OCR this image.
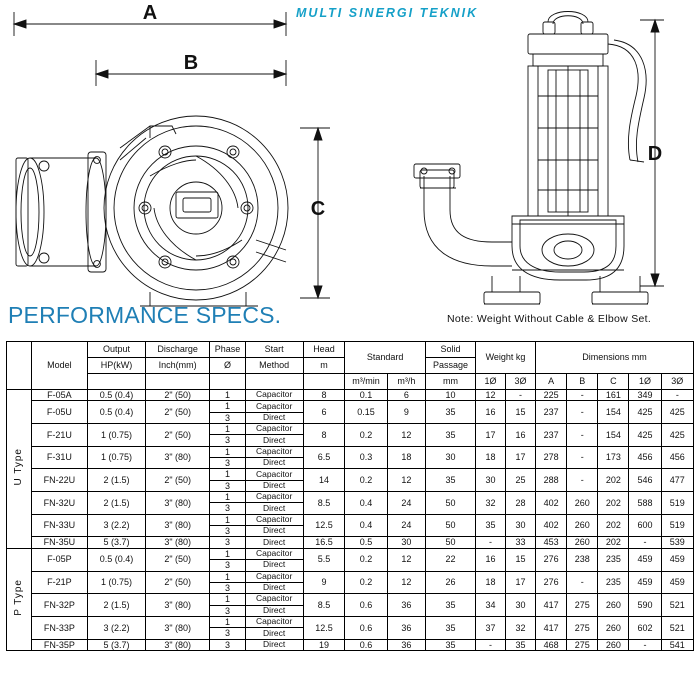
MULTI SINERGI TEKNIK
A
B
C
D
PERFORMANCE SPECS.	Note: Weight Without Cable & Elbow Set.
	Model	Output	Discharge	Phase	Start	Head	Standard		Solid	Weight kg		Dimensions mm				
		HP(kW)	Inch(mm)	Ø	Method	m			Passage							
							m³/min	m³/h	mm	1Ø	3Ø	A	B	C	1Ø	3Ø
U Type	F-05A	0.5 (0.4)	2" (50)	1	Capacitor	8	0.1	6	10	12	-	225	-	161	349	-
	F-05U	0.5 (0.4)	2" (50)	1	Capacitor	6	0.15	9	35	16	15	237	-	154	425	425
				3	Direct											
	F-21U	1 (0.75)	2" (50)	1	Capacitor	8	0.2	12	35	17	16	237	-	154	425	425
				3	Direct											
	F-31U	1 (0.75)	3" (80)	1	Capacitor	6.5	0.3	18	30	18	17	278	-	173	456	456
				3	Direct											
	FN-22U	2 (1.5)	2" (50)	1	Capacitor	14	0.2	12	35	30	25	288	-	202	546	477
				3	Direct											
	FN-32U	2 (1.5)	3" (80)	1	Capacitor	8.5	0.4	24	50	32	28	402	260	202	588	519
				3	Direct											
	FN-33U	3 (2.2)	3" (80)	1	Capacitor	12.5	0.4	24	50	35	30	402	260	202	600	519
				3	Direct											
	FN-35U	5 (3.7)	3" (80)	3	Direct	16.5	0.5	30	50	-	33	453	260	202	-	539
P Type	F-05P	0.5 (0.4)	2" (50)	1	Capacitor	5.5	0.2	12	22	16	15	276	238	235	459	459
				3	Direct											
	F-21P	1 (0.75)	2" (50)	1	Capacitor	9	0.2	12	26	18	17	276	-	235	459	459
				3	Direct											
	FN-32P	2 (1.5)	3" (80)	1	Capacitor	8.5	0.6	36	35	34	30	417	275	260	590	521
				3	Direct											
	FN-33P	3 (2.2)	3" (80)	1	Capacitor	12.5	0.6	36	35	37	32	417	275	260	602	521
				3	Direct											
	FN-35P	5 (3.7)	3" (80)	3	Direct	19	0.6	36	35	-	35	468	275	260	-	541
